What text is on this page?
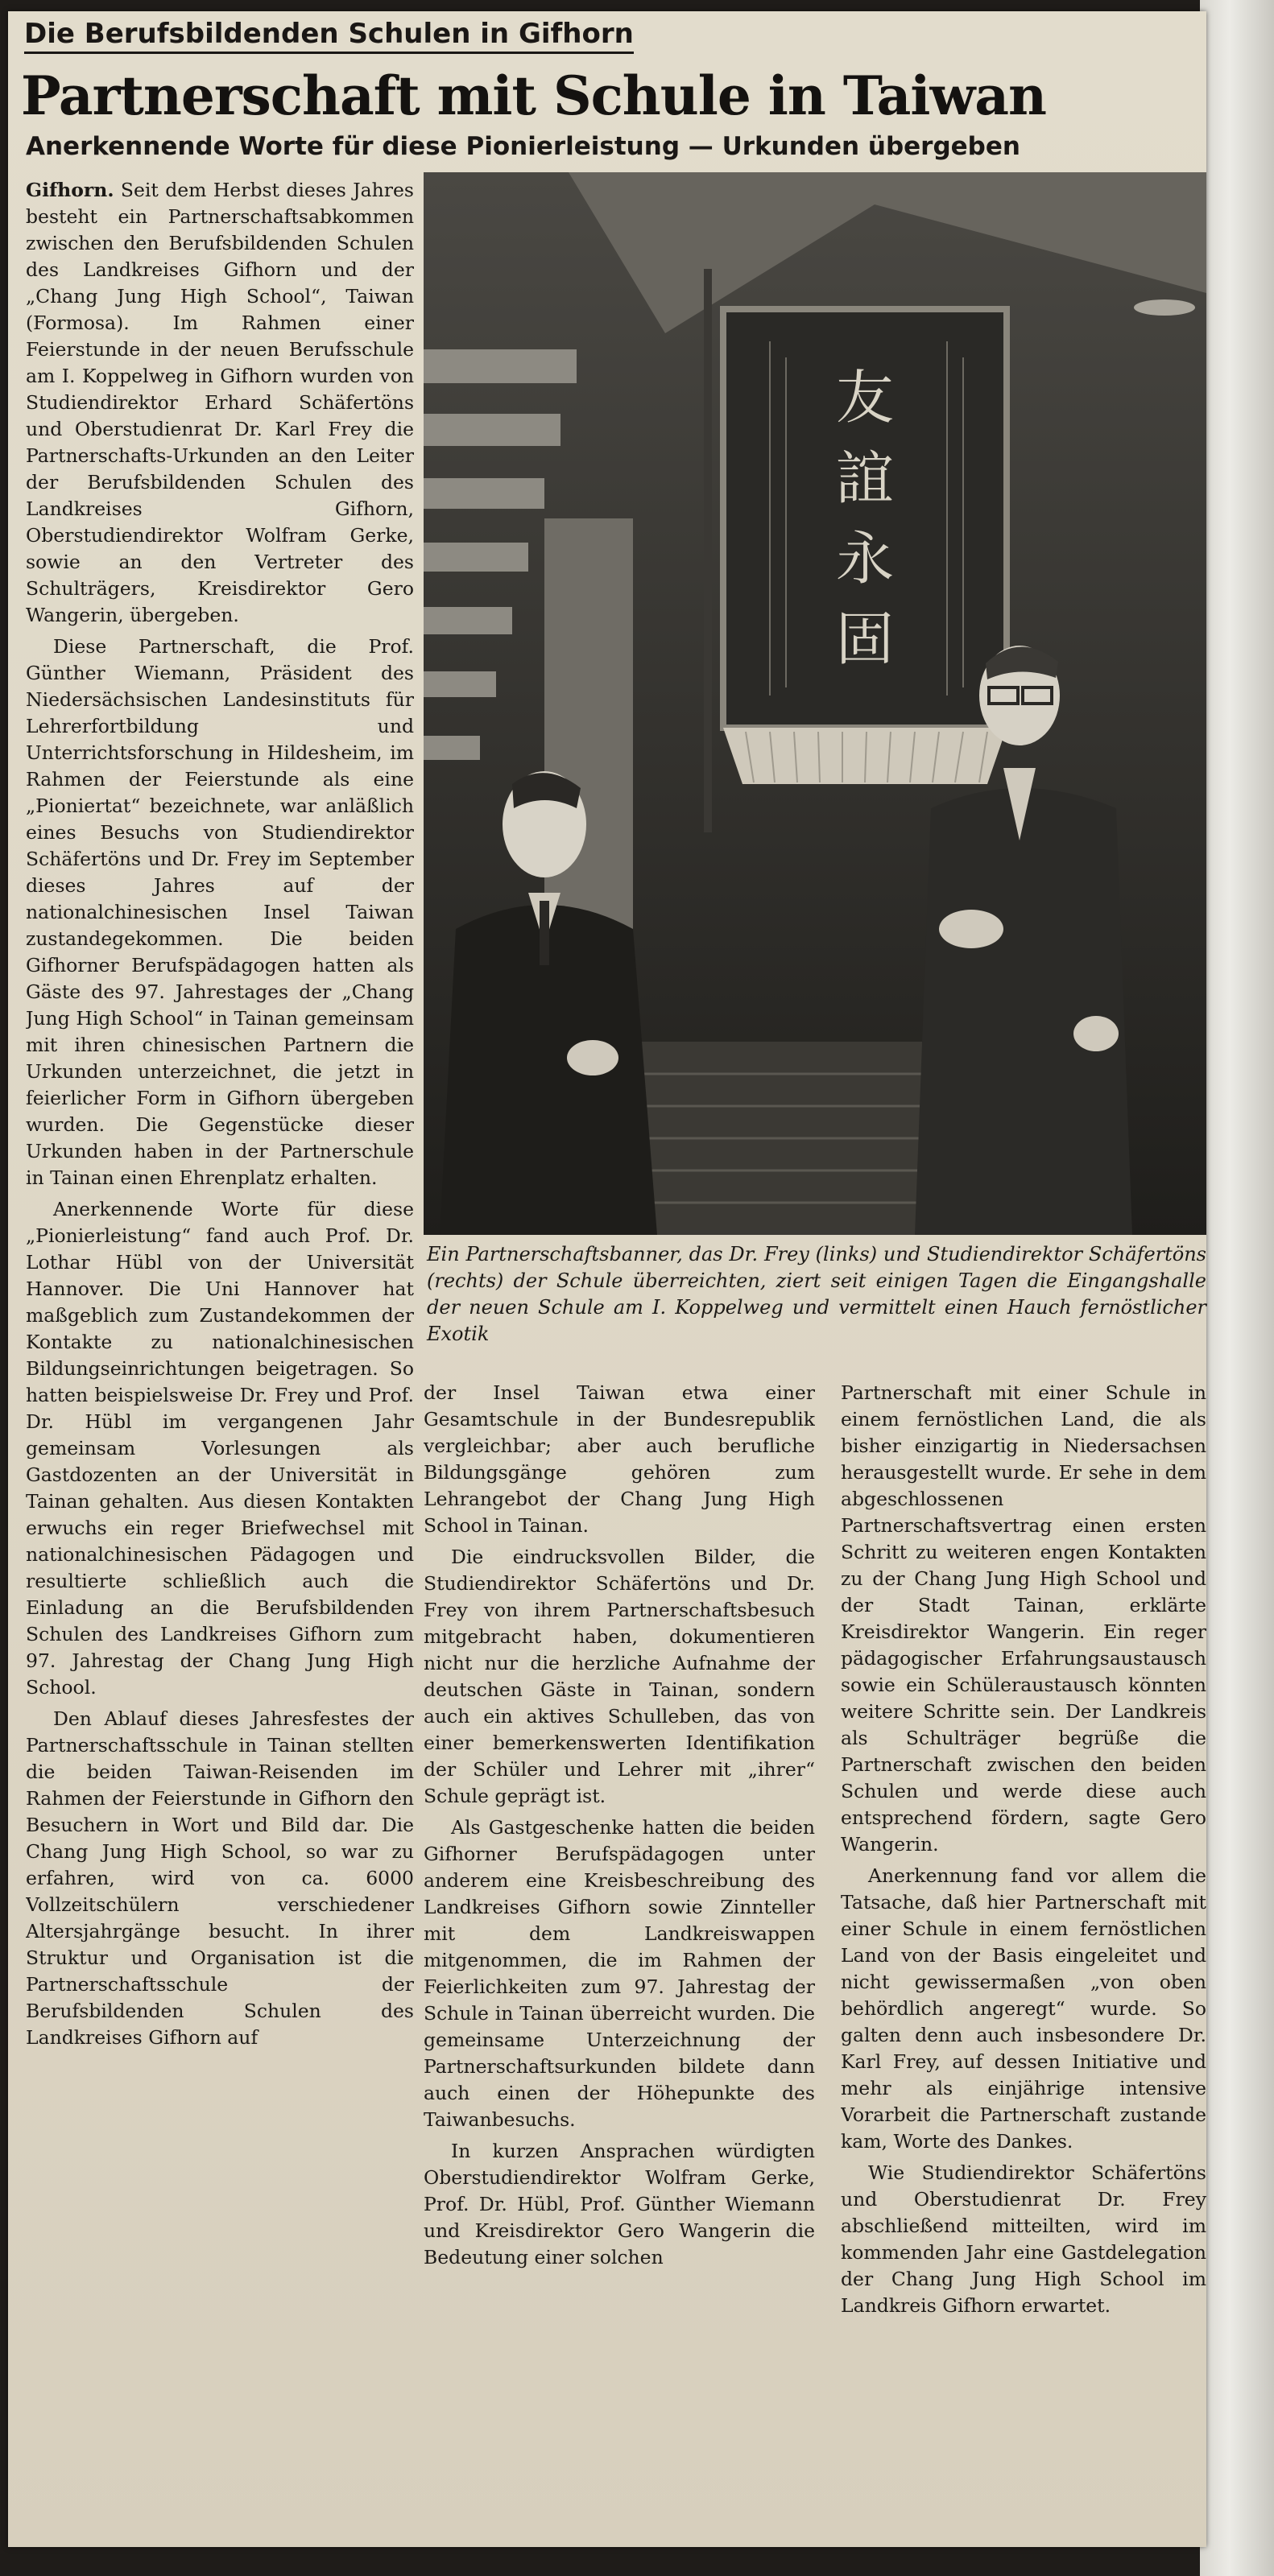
Die Berufsbildenden Schulen in Gifhorn
Partnerschaft mit Schule in Taiwan
Anerkennende Worte für diese Pionierleistung — Urkunden übergeben

Gifhorn. Seit dem Herbst dieses Jahres besteht ein Partnerschaftsabkommen zwischen den Berufsbildenden Schulen des Landkreises Gifhorn und der „Chang Jung High School“, Taiwan (Formosa). Im Rahmen einer Feierstunde in der neuen Berufsschule am I. Koppelweg in Gifhorn wurden von Studiendirektor Erhard Schäfertöns und Oberstudienrat Dr. Karl Frey die Partnerschafts-Urkunden an den Leiter der Berufsbildenden Schulen des Landkreises Gifhorn, Oberstudiendirektor Wolfram Gerke, sowie an den Vertreter des Schulträgers, Kreisdirektor Gero Wangerin, übergeben.

Diese Partnerschaft, die Prof. Günther Wiemann, Präsident des Niedersächsischen Landesinstituts für Lehrerfortbildung und Unterrichtsforschung in Hildesheim, im Rahmen der Feierstunde als eine „Pioniertat“ bezeichnete, war anläßlich eines Besuchs von Studiendirektor Schäfertöns und Dr. Frey im September dieses Jahres auf der nationalchinesischen Insel Taiwan zustandegekommen. Die beiden Gifhorner Berufspädagogen hatten als Gäste des 97. Jahrestages der „Chang Jung High School“ in Tainan gemeinsam mit ihren chinesischen Partnern die Urkunden unterzeichnet, die jetzt in feierlicher Form in Gifhorn übergeben wurden. Die Gegenstücke dieser Urkunden haben in der Partnerschule in Tainan einen Ehrenplatz erhalten.

Anerkennende Worte für diese „Pionierleistung“ fand auch Prof. Dr. Lothar Hübl von der Universität Hannover. Die Uni Hannover hat maßgeblich zum Zustandekommen der Kontakte zu nationalchinesischen Bildungseinrichtungen beigetragen. So hatten beispielsweise Dr. Frey und Prof. Dr. Hübl im vergangenen Jahr gemeinsam Vorlesungen als Gastdozenten an der Universität in Tainan gehalten. Aus diesen Kontakten erwuchs ein reger Briefwechsel mit nationalchinesischen Pädagogen und resultierte schließlich auch die Einladung an die Berufsbildenden Schulen des Landkreises Gifhorn zum 97. Jahrestag der Chang Jung High School.

Den Ablauf dieses Jahresfestes der Partnerschaftsschule in Tainan stellten die beiden Taiwan-Reisenden im Rahmen der Feierstunde in Gifhorn den Besuchern in Wort und Bild dar. Die Chang Jung High School, so war zu erfahren, wird von ca. 6000 Vollzeitschülern verschiedener Altersjahrgänge besucht. In ihrer Struktur und Organisation ist die Partnerschaftsschule der Berufsbildenden Schulen des Landkreises Gifhorn auf

友
誼
永
固
Ein Partnerschaftsbanner, das Dr. Frey (links) und Studiendirektor Schäfertöns (rechts) der Schule überreichten, ziert seit einigen Tagen die Eingangshalle der neuen Schule am I. Koppelweg und vermittelt einen Hauch fernöstlicher Exotik

der Insel Taiwan etwa einer Gesamtschule in der Bundesrepublik vergleichbar; aber auch berufliche Bildungsgänge gehören zum Lehrangebot der Chang Jung High School in Tainan.

Die eindrucksvollen Bilder, die Studiendirektor Schäfertöns und Dr. Frey von ihrem Partnerschaftsbesuch mitgebracht haben, dokumentieren nicht nur die herzliche Aufnahme der deutschen Gäste in Tainan, sondern auch ein aktives Schulleben, das von einer bemerkenswerten Identifikation der Schüler und Lehrer mit „ihrer“ Schule geprägt ist.

Als Gastgeschenke hatten die beiden Gifhorner Berufspädagogen unter anderem eine Kreisbeschreibung des Landkreises Gifhorn sowie Zinnteller mit dem Landkreiswappen mitgenommen, die im Rahmen der Feierlichkeiten zum 97. Jahrestag der Schule in Tainan überreicht wurden. Die gemeinsame Unterzeichnung der Partnerschaftsurkunden bildete dann auch einen der Höhepunkte des Taiwanbesuchs.

In kurzen Ansprachen würdigten Oberstudiendirektor Wolfram Gerke, Prof. Dr. Hübl, Prof. Günther Wiemann und Kreisdirektor Gero Wangerin die Bedeutung einer solchen

Partnerschaft mit einer Schule in einem fernöstlichen Land, die als bisher einzigartig in Niedersachsen herausgestellt wurde. Er sehe in dem abgeschlossenen Partnerschaftsvertrag einen ersten Schritt zu weiteren engen Kontakten zu der Chang Jung High School und der Stadt Tainan, erklärte Kreisdirektor Wangerin. Ein reger pädagogischer Erfahrungsaustausch sowie ein Schüleraustausch könnten weitere Schritte sein. Der Landkreis als Schulträger begrüße die Partnerschaft zwischen den beiden Schulen und werde diese auch entsprechend fördern, sagte Gero Wangerin.

Anerkennung fand vor allem die Tatsache, daß hier Partnerschaft mit einer Schule in einem fernöstlichen Land von der Basis eingeleitet und nicht gewissermaßen „von oben behördlich angeregt“ wurde. So galten denn auch insbesondere Dr. Karl Frey, auf dessen Initiative und mehr als einjährige intensive Vorarbeit die Partnerschaft zustande kam, Worte des Dankes.

Wie Studiendirektor Schäfertöns und Oberstudienrat Dr. Frey abschließend mitteilten, wird im kommenden Jahr eine Gastdelegation der Chang Jung High School im Landkreis Gifhorn erwartet.
